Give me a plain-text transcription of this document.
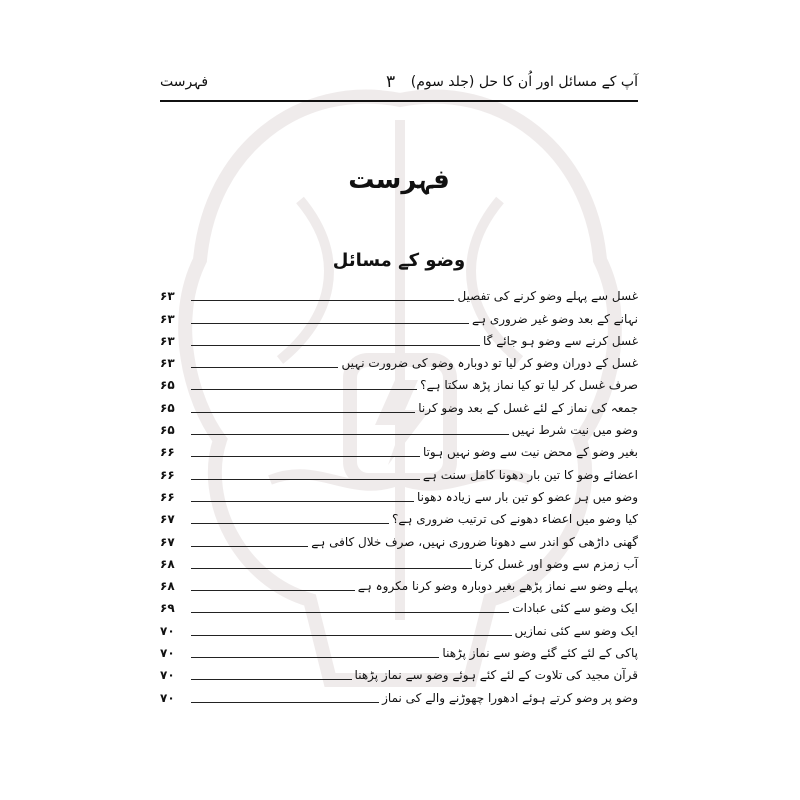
آپ کے مسائل اور اُن کا حل (جلد سوم)
۳
فہرست
فہرست
وضو کے مسائل
غسل سے پہلے وضو کرنے کی تفصیل
۶۳
نہانے کے بعد وضو غیر ضروری ہے
۶۳
غسل کرنے سے وضو ہو جائے گا
۶۳
غسل کے دوران وضو کر لیا تو دوبارہ وضو کی ضرورت نہیں
۶۳
صرف غسل کر لیا تو کیا نماز پڑھ سکتا ہے؟
۶۵
جمعہ کی نماز کے لئے غسل کے بعد وضو کرنا
۶۵
وضو میں نیت شرط نہیں
۶۵
بغیر وضو کے محض نیت سے وضو نہیں ہوتا
۶۶
اعضائے وضو کا تین بار دھونا کامل سنت ہے
۶۶
وضو میں ہر عضو کو تین بار سے زیادہ دھونا
۶۶
کیا وضو میں اعضاء دھونے کی ترتیب ضروری ہے؟
۶۷
گھنی داڑھی کو اندر سے دھونا ضروری نہیں، صرف خلال کافی ہے
۶۷
آب زمزم سے وضو اور غسل کرنا
۶۸
پہلے وضو سے نماز پڑھے بغیر دوبارہ وضو کرنا مکروہ ہے
۶۸
ایک وضو سے کئی عبادات
۶۹
ایک وضو سے کئی نمازیں
۷۰
پاکی کے لئے کئے گئے وضو سے نماز پڑھنا
۷۰
قرآن مجید کی تلاوت کے لئے کئے ہوئے وضو سے نماز پڑھنا
۷۰
وضو پر وضو کرتے ہوئے ادھورا چھوڑنے والے کی نماز
۷۰
